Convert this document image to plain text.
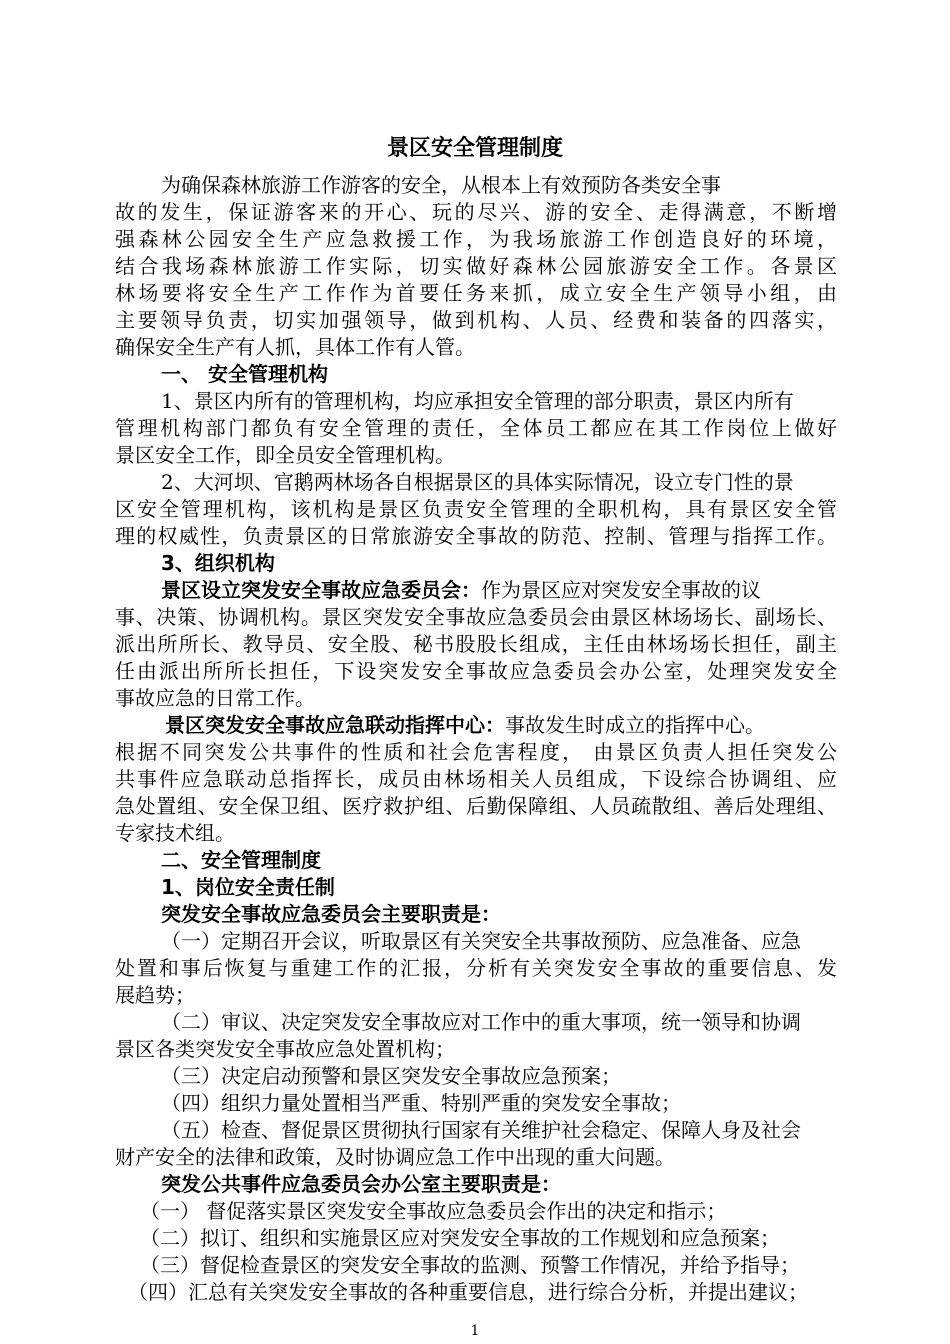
景区安全管理制度
为确保森林旅游工作游客的安全，从根本上有效预防各类安全事
故的发生，保证游客来的开心、玩的尽兴、游的安全、走得满意，不断增
强森林公园安全生产应急救援工作，为我场旅游工作创造良好的环境，
结合我场森林旅游工作实际，切实做好森林公园旅游安全工作。各景区
林场要将安全生产工作作为首要任务来抓，成立安全生产领导小组，由
主要领导负责，切实加强领导，做到机构、人员、经费和装备的四落实，
确保安全生产有人抓，具体工作有人管。
一、 安全管理机构
1、景区内所有的管理机构，均应承担安全管理的部分职责，景区内所有
管理机构部门都负有安全管理的责任，全体员工都应在其工作岗位上做好
景区安全工作，即全员安全管理机构。
2、大河坝、官鹅两林场各自根据景区的具体实际情况，设立专门性的景
区安全管理机构，该机构是景区负责安全管理的全职机构，具有景区安全管
理的权威性，负责景区的日常旅游安全事故的防范、控制、管理与指挥工作。
3、组织机构
景区设立突发安全事故应急委员会：作为景区应对突发安全事故的议
事、决策、协调机构。景区突发安全事故应急委员会由景区林场场长、副场长、
派出所所长、教导员、安全股、秘书股股长组成，主任由林场场长担任，副主
任由派出所所长担任，下设突发安全事故应急委员会办公室，处理突发安全
事故应急的日常工作。
景区突发安全事故应急联动指挥中心：事故发生时成立的指挥中心。
根据不同突发公共事件的性质和社会危害程度， 由景区负责人担任突发公
共事件应急联动总指挥长，成员由林场相关人员组成，下设综合协调组、应
急处置组、安全保卫组、医疗救护组、后勤保障组、人员疏散组、善后处理组、
专家技术组。
二、安全管理制度
1、岗位安全责任制
突发安全事故应急委员会主要职责是：
（一）定期召开会议，听取景区有关突安全共事故预防、应急准备、应急
处置和事后恢复与重建工作的汇报，分析有关突发安全事故的重要信息、发
展趋势；
（二）审议、决定突发安全事故应对工作中的重大事项，统一领导和协调
景区各类突发安全事故应急处置机构；
（三）决定启动预警和景区突发安全事故应急预案；
（四）组织力量处置相当严重、特别严重的突发安全事故；
（五）检查、督促景区贯彻执行国家有关维护社会稳定、保障人身及社会
财产安全的法律和政策，及时协调应急工作中出现的重大问题。
突发公共事件应急委员会办公室主要职责是：
（一） 督促落实景区突发安全事故应急委员会作出的决定和指示；
（二）拟订、组织和实施景区应对突发安全事故的工作规划和应急预案；
（三）督促检查景区的突发安全事故的监测、预警工作情况，并给予指导；
（四）汇总有关突发安全事故的各种重要信息，进行综合分析，并提出建议；
1
